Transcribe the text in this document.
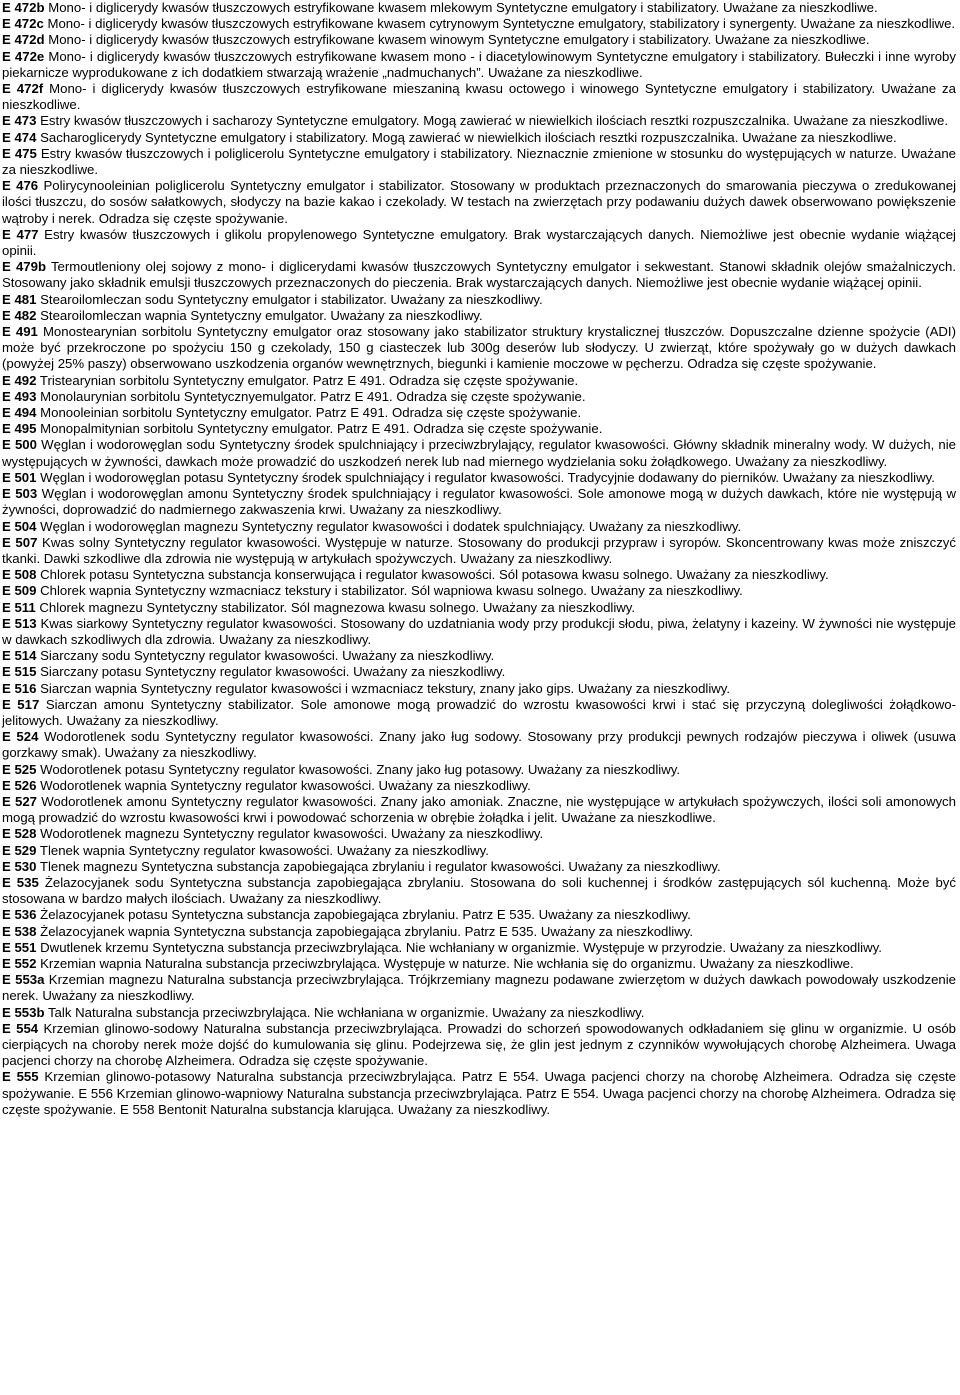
E 472b Mono- i diglicerydy kwasów tłuszczowych estryfikowane kwasem mlekowym Syntetyczne emulgatory i stabilizatory. Uważane za nieszkodliwe.

E 472c Mono- i diglicerydy kwasów tłuszczowych estryfikowane kwasem cytrynowym Syntetyczne emulgatory, stabilizatory i synergenty. Uważane za nieszkodliwe.

E 472d Mono- i diglicerydy kwasów tłuszczowych estryfikowane kwasem winowym Syntetyczne emulgatory i stabilizatory. Uważane za nieszkodliwe.

E 472e Mono- i diglicerydy kwasów tłuszczowych estryfikowane kwasem mono - i diacetylowinowym Syntetyczne emulgatory i stabilizatory. Bułeczki i inne wyroby piekarnicze wyprodukowane z ich dodatkiem stwarzają wrażenie „nadmuchanych”. Uważane za nieszkodliwe.

E 472f Mono- i diglicerydy kwasów tłuszczowych estryfikowane mieszaniną kwasu octowego i winowego Syntetyczne emulgatory i stabilizatory. Uważane za nieszkodliwe.

E 473 Estry kwasów tłuszczowych i sacharozy Syntetyczne emulgatory. Mogą zawierać w niewielkich ilościach resztki rozpuszczalnika. Uważane za nieszkodliwe.

E 474 Sacharoglicerydy Syntetyczne emulgatory i stabilizatory. Mogą zawierać w niewielkich ilościach resztki rozpuszczalnika. Uważane za nieszkodliwe.

E 475 Estry kwasów tłuszczowych i poliglicerolu Syntetyczne emulgatory i stabilizatory. Nieznacznie zmienione w stosunku do występujących w naturze. Uważane za nieszkodliwe.

E 476 Polirycynooleinian poliglicerolu Syntetyczny emulgator i stabilizator. Stosowany w produktach przeznaczonych do smarowania pieczywa o zredukowanej ilości tłuszczu, do sosów sałatkowych, słodyczy na bazie kakao i czekolady. W testach na zwierzętach przy podawaniu dużych dawek obserwowano powiększenie wątroby i nerek. Odradza się częste spożywanie.

E 477 Estry kwasów tłuszczowych i glikolu propylenowego Syntetyczne emulgatory. Brak wystarczających danych. Niemożliwe jest obecnie wydanie wiążącej opinii.

E 479b Termoutleniony olej sojowy z mono- i diglicerydami kwasów tłuszczowych Syntetyczny emulgator i sekwestant. Stanowi składnik olejów smażalniczych. Stosowany jako składnik emulsji tłuszczowych przeznaczonych do pieczenia. Brak wystarczających danych. Niemożliwe jest obecnie wydanie wiążącej opinii.

E 481 Stearoilomleczan sodu Syntetyczny emulgator i stabilizator. Uważany za nieszkodliwy.

E 482 Stearoilomleczan wapnia Syntetyczny emulgator. Uważany za nieszkodliwy.

E 491 Monostearynian sorbitolu Syntetyczny emulgator oraz stosowany jako stabilizator struktury krystalicznej tłuszczów. Dopuszczalne dzienne spożycie (ADI) może być przekroczone po spożyciu 150 g czekolady, 150 g ciasteczek lub 300g deserów lub słodyczy. U zwierząt, które spożywały go w dużych dawkach (powyżej 25% paszy) obserwowano uszkodzenia organów wewnętrznych, biegunki i kamienie moczowe w pęcherzu. Odradza się częste spożywanie.

E 492 Tristearynian sorbitolu Syntetyczny emulgator. Patrz E 491. Odradza się częste spożywanie.

E 493 Monolaurynian sorbitolu Syntetycznyemulgator. Patrz E 491. Odradza się częste spożywanie.

E 494 Monooleinian sorbitolu Syntetyczny emulgator. Patrz E 491. Odradza się częste spożywanie.

E 495 Monopalmitynian sorbitolu Syntetyczny emulgator. Patrz E 491. Odradza się częste spożywanie.

E 500 Węglan i wodorowęglan sodu Syntetyczny środek spulchniający i przeciwzbrylający, regulator kwasowości. Główny składnik mineralny wody. W dużych, nie występujących w żywności, dawkach może prowadzić do uszkodzeń nerek lub nad miernego wydzielania soku żołądkowego. Uważany za nieszkodliwy.

E 501 Węglan i wodorowęglan potasu Syntetyczny środek spulchniający i regulator kwasowości. Tradycyjnie dodawany do pierników. Uważany za nieszkodliwy.

E 503 Węglan i wodorowęglan amonu Syntetyczny środek spulchniający i regulator kwasowości. Sole amonowe mogą w dużych dawkach, które nie występują w żywności, doprowadzić do nadmiernego zakwaszenia krwi. Uważany za nieszkodliwy.

E 504 Węglan i wodorowęglan magnezu Syntetyczny regulator kwasowości i dodatek spulchniający. Uważany za nieszkodliwy.

E 507 Kwas solny Syntetyczny regulator kwasowości. Występuje w naturze. Stosowany do produkcji przypraw i syropów. Skoncentrowany kwas może zniszczyć tkanki. Dawki szkodliwe dla zdrowia nie występują w artykułach spożywczych. Uważany za nieszkodliwy.

E 508 Chlorek potasu Syntetyczna substancja konserwująca i regulator kwasowości. Sól potasowa kwasu solnego. Uważany za nieszkodliwy.

E 509 Chlorek wapnia Syntetyczny wzmacniacz tekstury i stabilizator. Sól wapniowa kwasu solnego. Uważany za nieszkodliwy.

E 511 Chlorek magnezu Syntetyczny stabilizator. Sól magnezowa kwasu solnego. Uważany za nieszkodliwy.

E 513 Kwas siarkowy Syntetyczny regulator kwasowości. Stosowany do uzdatniania wody przy produkcji słodu, piwa, żelatyny i kazeiny. W żywności nie występuje w dawkach szkodliwych dla zdrowia. Uważany za nieszkodliwy.

E 514 Siarczany sodu Syntetyczny regulator kwasowości. Uważany za nieszkodliwy.

E 515 Siarczany potasu Syntetyczny regulator kwasowości. Uważany za nieszkodliwy.

E 516 Siarczan wapnia Syntetyczny regulator kwasowości i wzmacniacz tekstury, znany jako gips. Uważany za nieszkodliwy.

E 517 Siarczan amonu Syntetyczny stabilizator. Sole amonowe mogą prowadzić do wzrostu kwasowości krwi i stać się przyczyną dolegliwości żołądkowo-jelitowych. Uważany za nieszkodliwy.

E 524 Wodorotlenek sodu Syntetyczny regulator kwasowości. Znany jako ług sodowy. Stosowany przy produkcji pewnych rodzajów pieczywa i oliwek (usuwa gorzkawy smak). Uważany za nieszkodliwy.

E 525 Wodorotlenek potasu Syntetyczny regulator kwasowości. Znany jako ług potasowy. Uważany za nieszkodliwy.

E 526 Wodorotlenek wapnia Syntetyczny regulator kwasowości. Uważany za nieszkodliwy.

E 527 Wodorotlenek amonu Syntetyczny regulator kwasowości. Znany jako amoniak. Znaczne, nie występujące w artykułach spożywczych, ilości soli amonowych mogą prowadzić do wzrostu kwasowości krwi i powodować schorzenia w obrębie żołądka i jelit. Uważane za nieszkodliwe.

E 528 Wodorotlenek magnezu Syntetyczny regulator kwasowości. Uważany za nieszkodliwy.

E 529 Tlenek wapnia Syntetyczny regulator kwasowości. Uważany za nieszkodliwy.

E 530 Tlenek magnezu Syntetyczna substancja zapobiegająca zbrylaniu i regulator kwasowości. Uważany za nieszkodliwy.

E 535 Żelazocyjanek sodu Syntetyczna substancja zapobiegająca zbrylaniu. Stosowana do soli kuchennej i środków zastępujących sól kuchenną. Może być stosowana w bardzo małych ilościach. Uważany za nieszkodliwy.

E 536 Żelazocyjanek potasu Syntetyczna substancja zapobiegająca zbrylaniu. Patrz E 535. Uważany za nieszkodliwy.

E 538 Żelazocyjanek wapnia Syntetyczna substancja zapobiegająca zbrylaniu. Patrz E 535. Uważany za nieszkodliwy.

E 551 Dwutlenek krzemu Syntetyczna substancja przeciwzbrylająca. Nie wchłaniany w organizmie. Występuje w przyrodzie. Uważany za nieszkodliwy.

E 552 Krzemian wapnia Naturalna substancja przeciwzbrylająca. Występuje w naturze. Nie wchłania się do organizmu. Uważany za nieszkodliwe.

E 553a Krzemian magnezu Naturalna substancja przeciwzbrylająca. Trójkrzemiany magnezu podawane zwierzętom w dużych dawkach powodowały uszkodzenie nerek. Uważany za nieszkodliwy.

E 553b Talk Naturalna substancja przeciwzbrylająca. Nie wchłaniana w organizmie. Uważany za nieszkodliwy.

E 554 Krzemian glinowo-sodowy Naturalna substancja przeciwzbrylająca. Prowadzi do schorzeń spowodowanych odkładaniem się glinu w organizmie. U osób cierpiących na choroby nerek może dojść do kumulowania się glinu. Podejrzewa się, że glin jest jednym z czynników wywołujących chorobę Alzheimera. Uwaga pacjenci chorzy na chorobę Alzheimera. Odradza się częste spożywanie.

E 555 Krzemian glinowo-potasowy Naturalna substancja przeciwzbrylająca. Patrz E 554. Uwaga pacjenci chorzy na chorobę Alzheimera. Odradza się częste spożywanie. E 556 Krzemian glinowo-wapniowy Naturalna substancja przeciwzbrylająca. Patrz E 554. Uwaga pacjenci chorzy na chorobę Alzheimera. Odradza się częste spożywanie. E 558 Bentonit Naturalna substancja klarująca. Uważany za nieszkodliwy.
